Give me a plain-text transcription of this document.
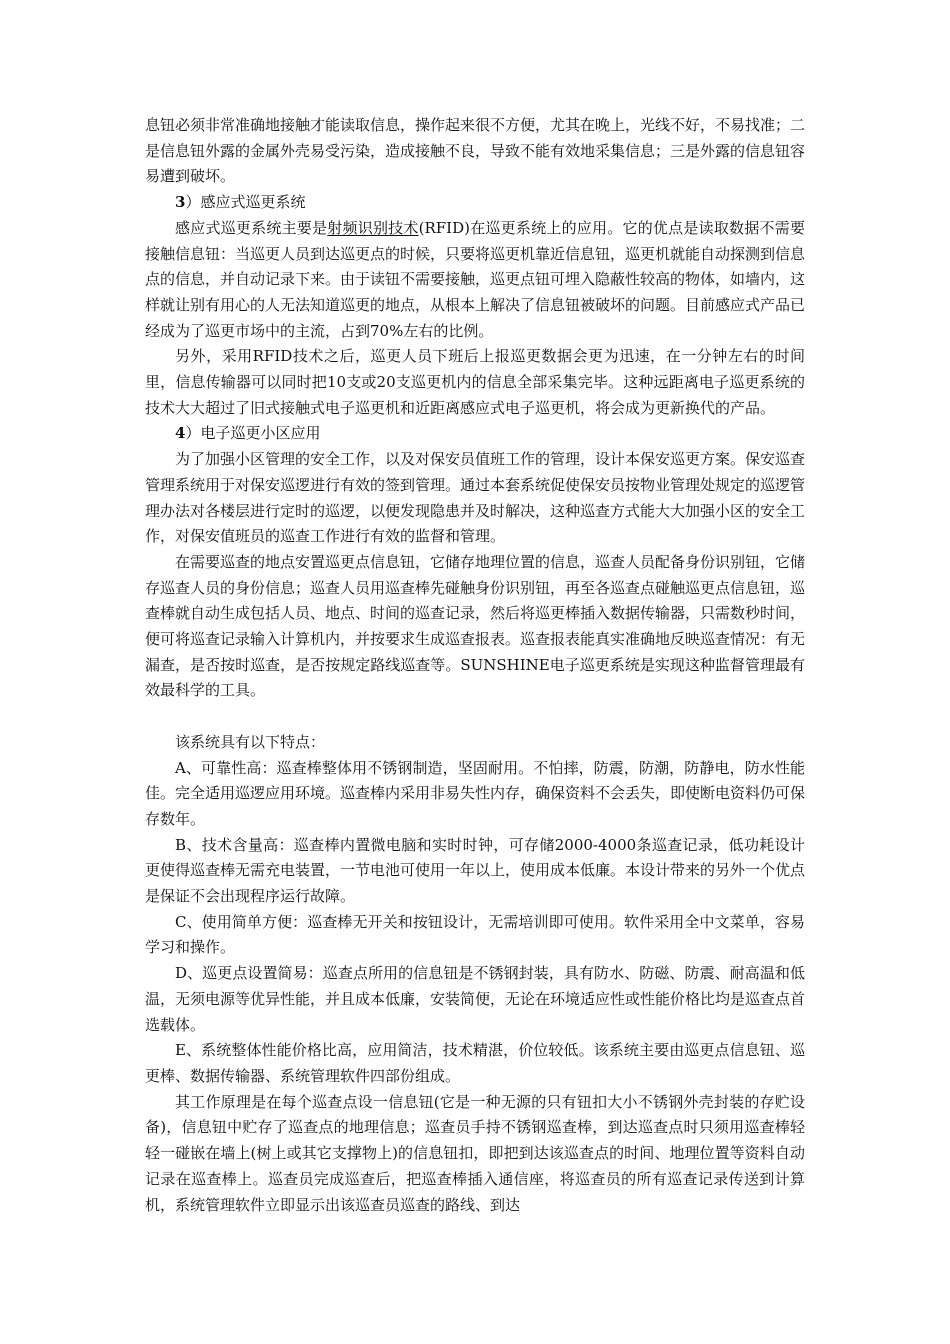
息钮必须非常准确地接触才能读取信息，操作起来很不方便，尤其在晚上，光线不好，不易找准；二是信息钮外露的金属外壳易受污染，造成接触不良，导致不能有效地采集信息；三是外露的信息钮容易遭到破坏。

3）感应式巡更系统

感应式巡更系统主要是射频识别技术(RFID)在巡更系统上的应用。它的优点是读取数据不需要接触信息钮：当巡更人员到达巡更点的时候，只要将巡更机靠近信息钮，巡更机就能自动探测到信息点的信息，并自动记录下来。由于读钮不需要接触，巡更点钮可埋入隐蔽性较高的物体，如墙内，这样就让别有用心的人无法知道巡更的地点，从根本上解决了信息钮被破坏的问题。目前感应式产品已经成为了巡更市场中的主流，占到70%左右的比例。

另外，采用RFID技术之后，巡更人员下班后上报巡更数据会更为迅速，在一分钟左右的时间里，信息传输器可以同时把10支或20支巡更机内的信息全部采集完毕。这种远距离电子巡更系统的技术大大超过了旧式接触式电子巡更机和近距离感应式电子巡更机，将会成为更新换代的产品。

4）电子巡更小区应用

为了加强小区管理的安全工作，以及对保安员值班工作的管理，设计本保安巡更方案。保安巡查管理系统用于对保安巡逻进行有效的签到管理。通过本套系统促使保安员按物业管理处规定的巡逻管理办法对各楼层进行定时的巡逻，以便发现隐患并及时解决，这种巡查方式能大大加强小区的安全工作，对保安值班员的巡查工作进行有效的监督和管理。

在需要巡查的地点安置巡更点信息钮，它储存地理位置的信息，巡查人员配备身份识别钮，它储存巡查人员的身份信息；巡查人员用巡查棒先碰触身份识别钮，再至各巡查点碰触巡更点信息钮，巡查棒就自动生成包括人员、地点、时间的巡查记录，然后将巡更棒插入数据传输器，只需数秒时间，便可将巡查记录输入计算机内，并按要求生成巡查报表。巡查报表能真实准确地反映巡查情况：有无漏查，是否按时巡查，是否按规定路线巡查等。SUNSHINE电子巡更系统是实现这种监督管理最有效最科学的工具。

该系统具有以下特点：

A、可靠性高：巡查棒整体用不锈钢制造，坚固耐用。不怕摔，防震，防潮，防静电，防水性能佳。完全适用巡逻应用环境。巡查棒内采用非易失性内存，确保资料不会丢失，即使断电资料仍可保存数年。

B、技术含量高：巡查棒内置微电脑和实时时钟，可存储2000-4000条巡查记录，低功耗设计更使得巡查棒无需充电装置，一节电池可使用一年以上，使用成本低廉。本设计带来的另外一个优点是保证不会出现程序运行故障。

C、使用简单方便：巡查棒无开关和按钮设计，无需培训即可使用。软件采用全中文菜单，容易学习和操作。

D、巡更点设置简易：巡查点所用的信息钮是不锈钢封装，具有防水、防磁、防震、耐高温和低温，无须电源等优异性能，并且成本低廉，安装简便，无论在环境适应性或性能价格比均是巡查点首选载体。

E、系统整体性能价格比高，应用简洁，技术精湛，价位较低。该系统主要由巡更点信息钮、巡更棒、数据传输器、系统管理软件四部份组成。

其工作原理是在每个巡查点设一信息钮(它是一种无源的只有钮扣大小不锈钢外壳封装的存贮设备)，信息钮中贮存了巡查点的地理信息；巡查员手持不锈钢巡查棒，到达巡查点时只须用巡查棒轻轻一碰嵌在墙上(树上或其它支撑物上)的信息钮扣，即把到达该巡查点的时间、地理位置等资料自动记录在巡查棒上。巡查员完成巡查后，把巡查棒插入通信座，将巡查员的所有巡查记录传送到计算机，系统管理软件立即显示出该巡查员巡查的路线、到达
